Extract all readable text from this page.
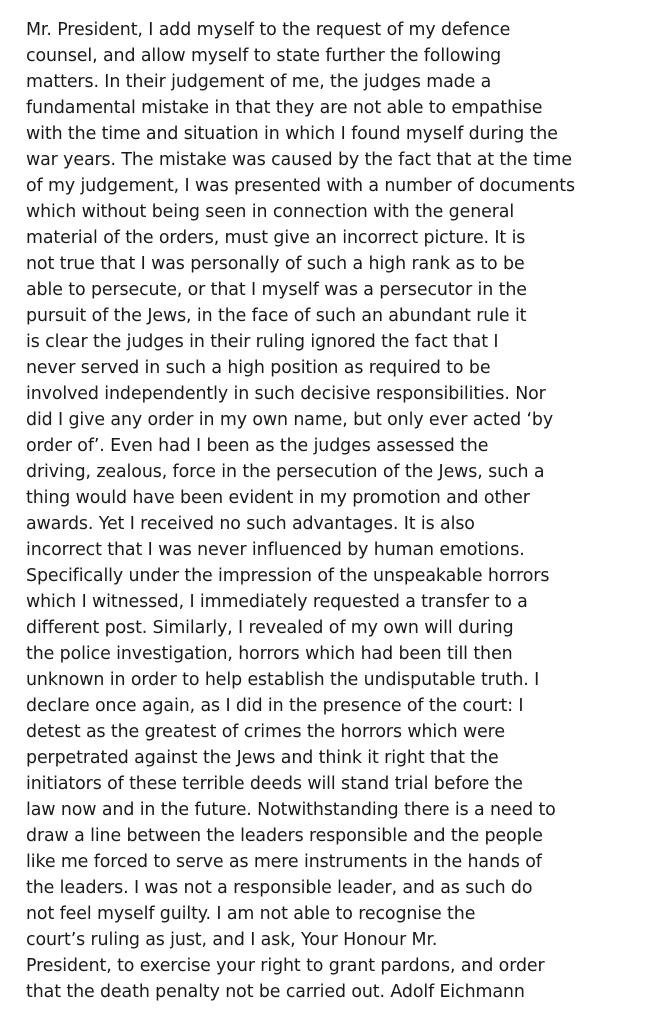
Mr. President, I add myself to the request of my defence
counsel, and allow myself to state further the following
matters. In their judgement of me, the judges made a
fundamental mistake in that they are not able to empathise
with the time and situation in which I found myself during the
war years. The mistake was caused by the fact that at the time
of my judgement, I was presented with a number of documents
which without being seen in connection with the general
material of the orders, must give an incorrect picture. It is
not true that I was personally of such a high rank as to be
able to persecute, or that I myself was a persecutor in the
pursuit of the Jews, in the face of such an abundant rule it
is clear the judges in their ruling ignored the fact that I
never served in such a high position as required to be
involved independently in such decisive responsibilities. Nor
did I give any order in my own name, but only ever acted ‘by
order of’. Even had I been as the judges assessed the
driving, zealous, force in the persecution of the Jews, such a
thing would have been evident in my promotion and other
awards. Yet I received no such advantages. It is also
incorrect that I was never influenced by human emotions.
Specifically under the impression of the unspeakable horrors
which I witnessed, I immediately requested a transfer to a
different post. Similarly, I revealed of my own will during
the police investigation, horrors which had been till then
unknown in order to help establish the undisputable truth. I
declare once again, as I did in the presence of the court: I
detest as the greatest of crimes the horrors which were
perpetrated against the Jews and think it right that the
initiators of these terrible deeds will stand trial before the
law now and in the future. Notwithstanding there is a need to
draw a line between the leaders responsible and the people
like me forced to serve as mere instruments in the hands of
the leaders. I was not a responsible leader, and as such do
not feel myself guilty. I am not able to recognise the
court’s ruling as just, and I ask, Your Honour Mr.
President, to exercise your right to grant pardons, and order
that the death penalty not be carried out. Adolf Eichmann
